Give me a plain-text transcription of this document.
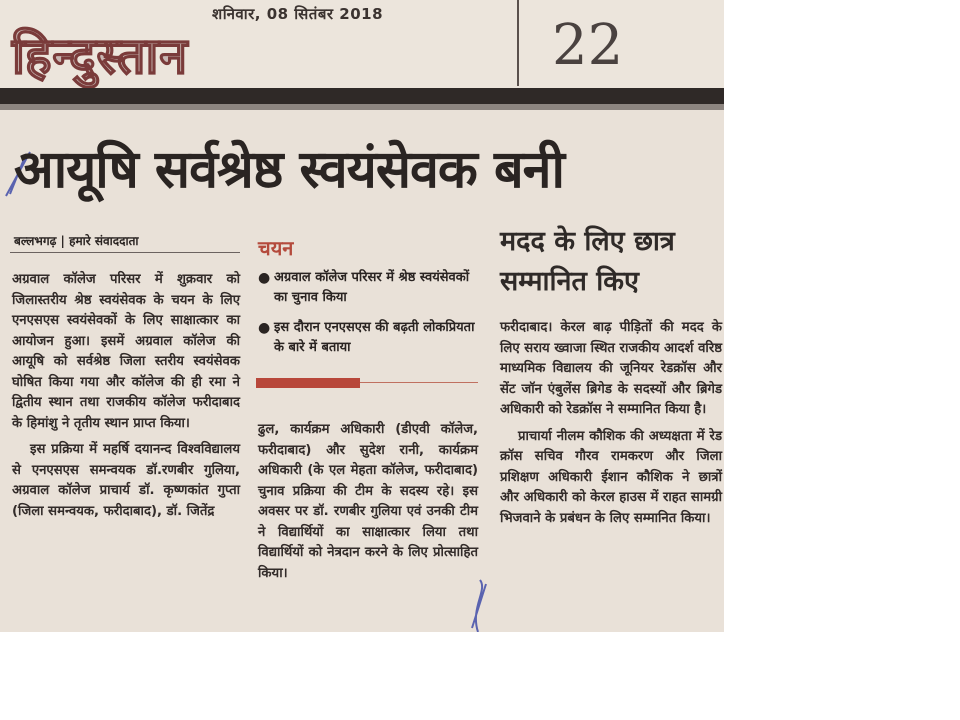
शनिवार, 08 सितंबर 2018
हिन्दुस्तान	22
आयूषि सर्वश्रेष्ठ स्वयंसेवक बनी
बल्लभगढ़ | हमारे संवाददाता

अग्रवाल कॉलेज परिसर में शुक्रवार को जिलास्तरीय श्रेष्ठ स्वयंसेवक के चयन के लिए एनएसएस स्वयंसेवकों के लिए साक्षात्कार का आयोजन हुआ। इसमें अग्रवाल कॉलेज की आयूषि को सर्वश्रेष्ठ जिला स्तरीय स्वयंसेवक घोषित किया गया और कॉलेज की ही रमा ने द्वितीय स्थान तथा राजकीय कॉलेज फरीदाबाद के हिमांशु ने तृतीय स्थान प्राप्त किया।

इस प्रक्रिया में महर्षि दयानन्द विश्वविद्यालय से एनएसएस समन्वयक डॉ.रणबीर गुलिया, अग्रवाल कॉलेज प्राचार्य डॉ. कृष्णकांत गुप्ता (जिला समन्वयक, फरीदाबाद), डॉ. जितेंद्र

चयन
● अग्रवाल कॉलेज परिसर में श्रेष्ठ स्वयंसेवकों का चुनाव किया
● इस दौरान एनएसएस की बढ़ती लोकप्रियता के बारे में बताया

ढुल, कार्यक्रम अधिकारी (डीएवी कॉलेज, फरीदाबाद) और सुदेश रानी, कार्यक्रम अधिकारी (के एल मेहता कॉलेज, फरीदाबाद) चुनाव प्रक्रिया की टीम के सदस्य रहे। इस अवसर पर डॉ. रणबीर गुलिया एवं उनकी टीम ने विद्यार्थियों का साक्षात्कार लिया तथा विद्यार्थियों को नेत्रदान करने के लिए प्रोत्साहित किया।

मदद के लिए छात्र सम्मानित किए

फरीदाबाद। केरल बाढ़ पीड़ितों की मदद के लिए सराय ख्वाजा स्थित राजकीय आदर्श वरिष्ठ माध्यमिक विद्यालय की जूनियर रेडक्रॉस और सेंट जॉन एंबुलेंस ब्रिगेड के सदस्यों और ब्रिगेड अधिकारी को रेडक्रॉस ने सम्मानित किया है।

प्राचार्या नीलम कौशिक की अध्यक्षता में रेड क्रॉस सचिव गौरव रामकरण और जिला प्रशिक्षण अधिकारी ईशान कौशिक ने छात्रों और अधिकारी को केरल हाउस में राहत सामग्री भिजवाने के प्रबंधन के लिए सम्मानित किया।
